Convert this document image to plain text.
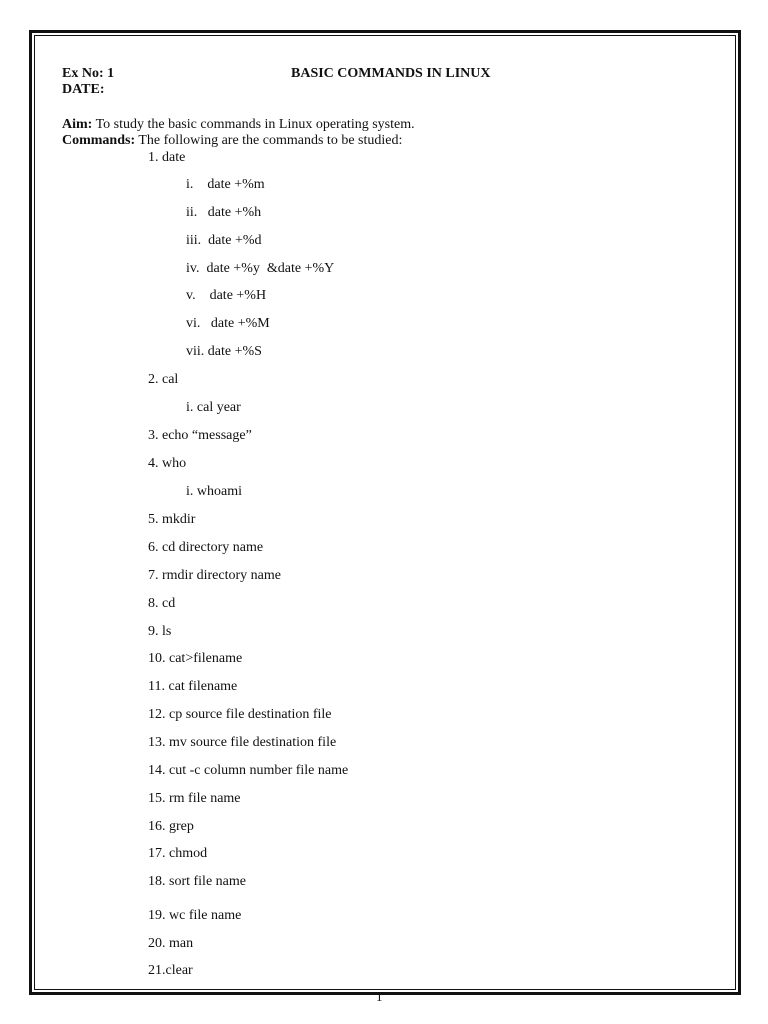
Ex No: 1
DATE:
BASIC COMMANDS IN LINUX
Aim: To study the basic commands in Linux operating system.
Commands: The following are the commands to be studied:
1. date
i.    date +%m
ii.   date +%h
iii.  date +%d
iv.  date +%y  &date +%Y
v.    date +%H
vi.   date +%M
vii. date +%S
2. cal
i. cal year
3. echo “message”
4. who
i. whoami
5. mkdir
6. cd directory name
7. rmdir directory name
8. cd
9. ls
10. cat>filename
11. cat filename
12. cp source file destination file
13. mv source file destination file
14. cut -c column number file name
15. rm file name
16. grep
17. chmod
18. sort file name
19. wc file name
20. man
21.clear
1
